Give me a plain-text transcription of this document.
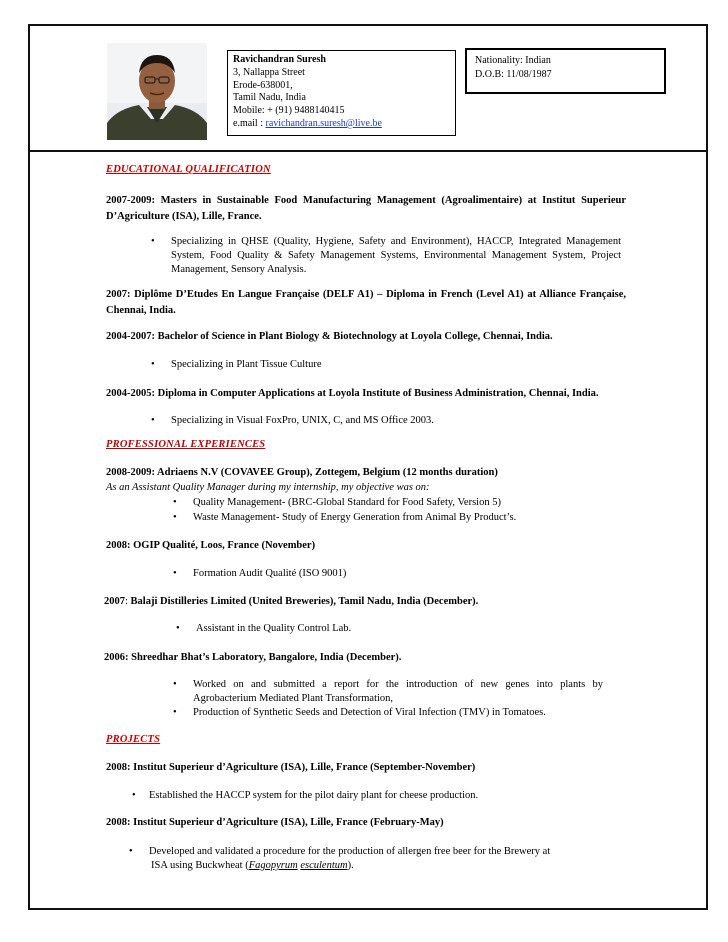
Ravichandran Suresh
3, Nallappa Street
Erode-638001,
Tamil Nadu, India
Mobile: + (91) 9488140415
e.mail : ravichandran.suresh@live.be
Nationality: Indian
D.O.B: 11/08/1987
EDUCATIONAL QUALIFICATION
2007-2009: Masters in Sustainable Food Manufacturing Management (Agroalimentaire) at Institut Superieur D’Agriculture (ISA), Lille, France.
• Specializing in QHSE (Quality, Hygiene, Safety and Environment), HACCP, Integrated Management System, Food Quality & Safety Management Systems, Environmental Management System, Project Management, Sensory Analysis.
2007: Diplôme D’Etudes En Langue Française (DELF A1) – Diploma in French (Level A1) at Alliance Française, Chennai, India.
2004-2007: Bachelor of Science in Plant Biology & Biotechnology at Loyola College, Chennai, India.
• Specializing in Plant Tissue Culture
2004-2005: Diploma in Computer Applications at Loyola Institute of Business Administration, Chennai, India.
• Specializing in Visual FoxPro, UNIX, C, and MS Office 2003.
PROFESSIONAL EXPERIENCES
2008-2009: Adriaens N.V (COVAVEE Group), Zottegem, Belgium (12 months duration)
As an Assistant Quality Manager during my internship, my objective was on:
• Quality Management- (BRC-Global Standard for Food Safety, Version 5)
• Waste Management- Study of Energy Generation from Animal By Product’s.
2008: OGIP Qualité, Loos, France (November)
• Formation Audit Qualité (ISO 9001)
2007: Balaji Distilleries Limited (United Breweries), Tamil Nadu, India (December).
• Assistant in the Quality Control Lab.
2006: Shreedhar Bhat’s Laboratory, Bangalore, India (December).
• Worked on and submitted a report for the introduction of new genes into plants by Agrobacterium Mediated Plant Transformation,
• Production of Synthetic Seeds and Detection of Viral Infection (TMV) in Tomatoes.
PROJECTS
2008: Institut Superieur d’Agriculture (ISA), Lille, France (September-November)
• Established the HACCP system for the pilot dairy plant for cheese production.
2008: Institut Superieur d’Agriculture (ISA), Lille, France (February-May)
• Developed and validated a procedure for the production of allergen free beer for the Brewery at
ISA using Buckwheat (Fagopyrum esculentum).
